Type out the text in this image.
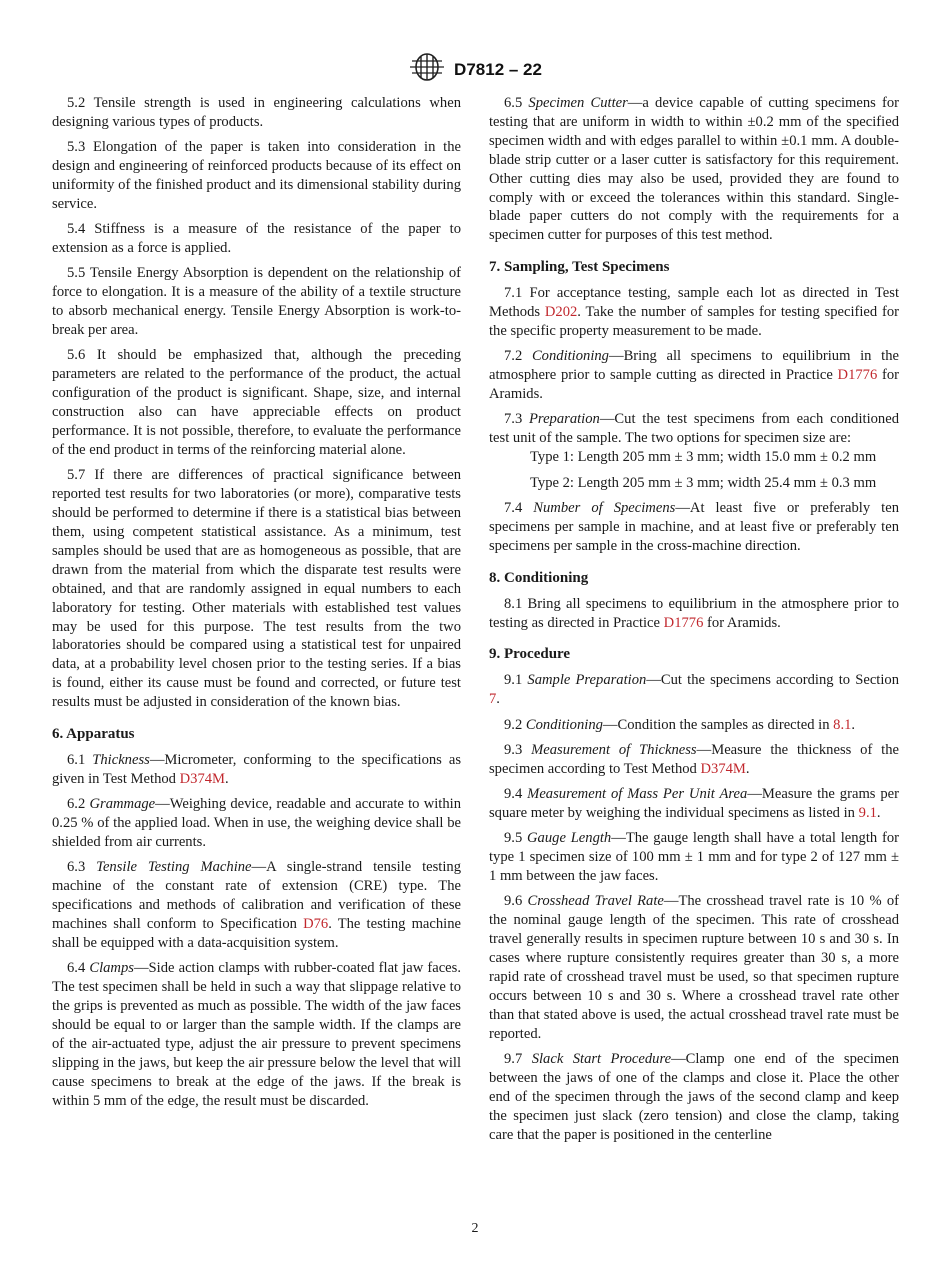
D7812 – 22

5.2 Tensile strength is used in engineering calculations when designing various types of products.

5.3 Elongation of the paper is taken into consideration in the design and engineering of reinforced products because of its effect on uniformity of the finished product and its dimensional stability during service.

5.4 Stiffness is a measure of the resistance of the paper to extension as a force is applied.

5.5 Tensile Energy Absorption is dependent on the relationship of force to elongation. It is a measure of the ability of a textile structure to absorb mechanical energy. Tensile Energy Absorption is work-to-break per area.

5.6 It should be emphasized that, although the preceding parameters are related to the performance of the product, the actual configuration of the product is significant. Shape, size, and internal construction also can have appreciable effects on product performance. It is not possible, therefore, to evaluate the performance of the end product in terms of the reinforcing material alone.

5.7 If there are differences of practical significance between reported test results for two laboratories (or more), comparative tests should be performed to determine if there is a statistical bias between them, using competent statistical assistance. As a minimum, test samples should be used that are as homogeneous as possible, that are drawn from the material from which the disparate test results were obtained, and that are randomly assigned in equal numbers to each laboratory for testing. Other materials with established test values may be used for this purpose. The test results from the two laboratories should be compared using a statistical test for unpaired data, at a probability level chosen prior to the testing series. If a bias is found, either its cause must be found and corrected, or future test results must be adjusted in consideration of the known bias.

6. Apparatus

6.1 Thickness—Micrometer, conforming to the specifications as given in Test Method D374M.

6.2 Grammage—Weighing device, readable and accurate to within 0.25 % of the applied load. When in use, the weighing device shall be shielded from air currents.

6.3 Tensile Testing Machine—A single-strand tensile testing machine of the constant rate of extension (CRE) type. The specifications and methods of calibration and verification of these machines shall conform to Specification D76. The testing machine shall be equipped with a data-acquisition system.

6.4 Clamps—Side action clamps with rubber-coated flat jaw faces. The test specimen shall be held in such a way that slippage relative to the grips is prevented as much as possible. The width of the jaw faces should be equal to or larger than the sample width. If the clamps are of the air-actuated type, adjust the air pressure to prevent specimens slipping in the jaws, but keep the air pressure below the level that will cause specimens to break at the edge of the jaws. If the break is within 5 mm of the edge, the result must be discarded.

6.5 Specimen Cutter—a device capable of cutting specimens for testing that are uniform in width to within ±0.2 mm of the specified specimen width and with edges parallel to within ±0.1 mm. A double-blade strip cutter or a laser cutter is satisfactory for this requirement. Other cutting dies may also be used, provided they are found to comply with or exceed the tolerances within this standard. Single-blade paper cutters do not comply with the requirements for a specimen cutter for purposes of this test method.

7. Sampling, Test Specimens

7.1 For acceptance testing, sample each lot as directed in Test Methods D202. Take the number of samples for testing specified for the specific property measurement to be made.

7.2 Conditioning—Bring all specimens to equilibrium in the atmosphere prior to sample cutting as directed in Practice D1776 for Aramids.

7.3 Preparation—Cut the test specimens from each conditioned test unit of the sample. The two options for specimen size are:

Type 1: Length 205 mm ± 3 mm; width 15.0 mm ± 0.2 mm

Type 2: Length 205 mm ± 3 mm; width 25.4 mm ± 0.3 mm

7.4 Number of Specimens—At least five or preferably ten specimens per sample in machine, and at least five or preferably ten specimens per sample in the cross-machine direction.

8. Conditioning

8.1 Bring all specimens to equilibrium in the atmosphere prior to testing as directed in Practice D1776 for Aramids.

9. Procedure

9.1 Sample Preparation—Cut the specimens according to Section 7.

9.2 Conditioning—Condition the samples as directed in 8.1.

9.3 Measurement of Thickness—Measure the thickness of the specimen according to Test Method D374M.

9.4 Measurement of Mass Per Unit Area—Measure the grams per square meter by weighing the individual specimens as listed in 9.1.

9.5 Gauge Length—The gauge length shall have a total length for type 1 specimen size of 100 mm ± 1 mm and for type 2 of 127 mm ± 1 mm between the jaw faces.

9.6 Crosshead Travel Rate—The crosshead travel rate is 10 % of the nominal gauge length of the specimen. This rate of crosshead travel generally results in specimen rupture between 10 s and 30 s. In cases where rupture consistently requires greater than 30 s, a more rapid rate of crosshead travel must be used, so that specimen rupture occurs between 10 s and 30 s. Where a crosshead travel rate other than that stated above is used, the actual crosshead travel rate must be reported.

9.7 Slack Start Procedure—Clamp one end of the specimen between the jaws of one of the clamps and close it. Place the other end of the specimen through the jaws of the second clamp and keep the specimen just slack (zero tension) and close the clamp, taking care that the paper is positioned in the centerline

2
